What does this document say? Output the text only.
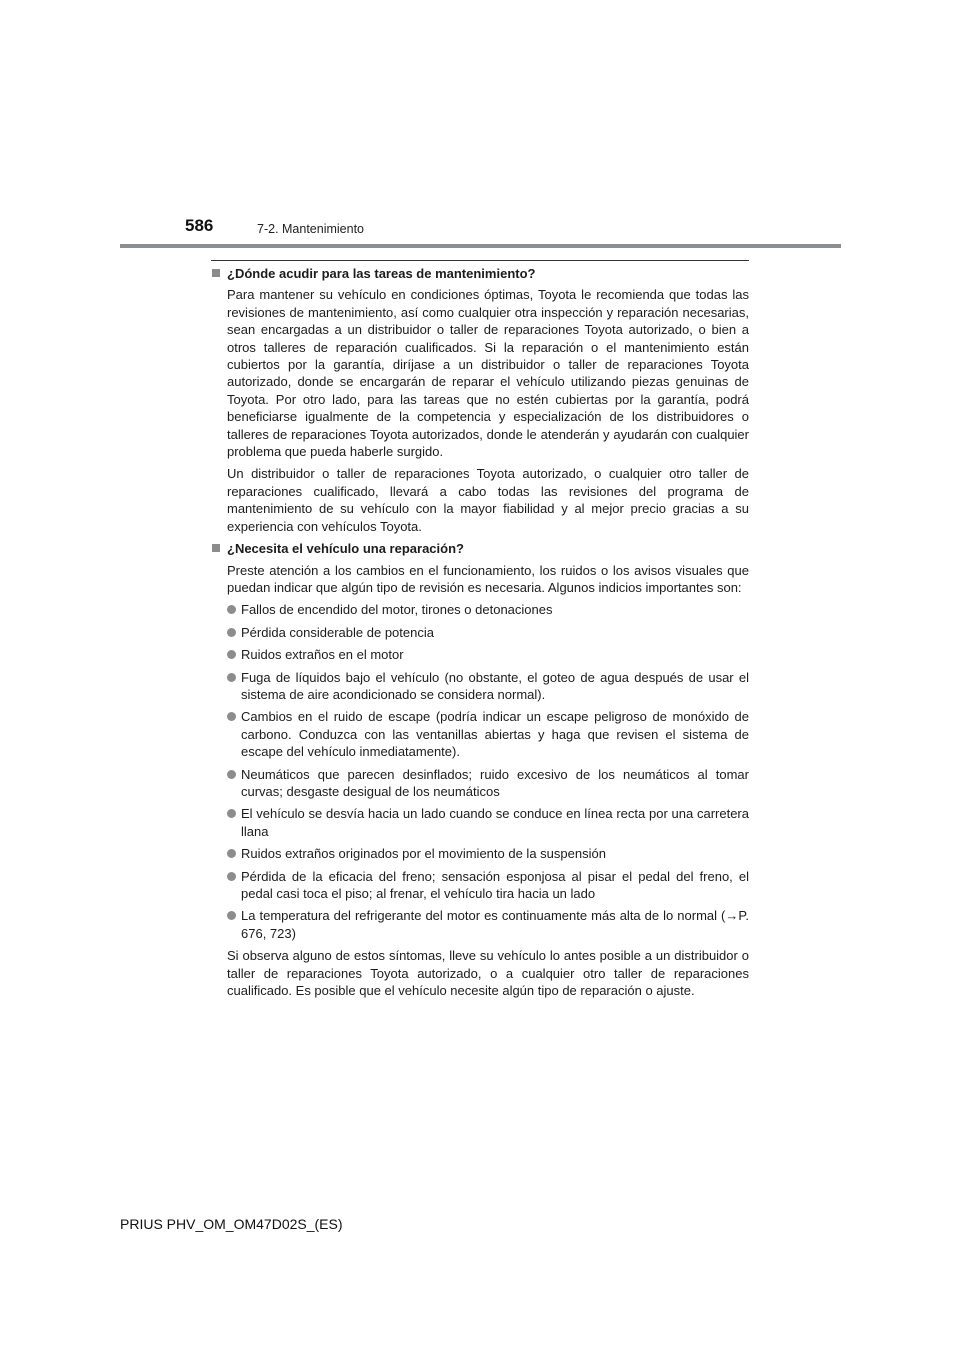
586	7-2. Mantenimiento
¿Dónde acudir para las tareas de mantenimiento?

Para mantener su vehículo en condiciones óptimas, Toyota le recomienda que todas las revisiones de mantenimiento, así como cualquier otra inspección y reparación necesarias, sean encargadas a un distribuidor o taller de reparaciones Toyota autorizado, o bien a otros talleres de reparación cualificados. Si la reparación o el mantenimiento están cubiertos por la garantía, diríjase a un distribuidor o taller de reparaciones Toyota autorizado, donde se encargarán de reparar el vehículo utilizando piezas genuinas de Toyota. Por otro lado, para las tareas que no estén cubiertas por la garantía, podrá beneficiarse igualmente de la competencia y especialización de los distribuidores o talleres de reparaciones Toyota autorizados, donde le atenderán y ayudarán con cualquier problema que pueda haberle surgido.

Un distribuidor o taller de reparaciones Toyota autorizado, o cualquier otro taller de reparaciones cualificado, llevará a cabo todas las revisiones del programa de mantenimiento de su vehículo con la mayor fiabilidad y al mejor precio gracias a su experiencia con vehículos Toyota.

¿Necesita el vehículo una reparación?

Preste atención a los cambios en el funcionamiento, los ruidos o los avisos visuales que puedan indicar que algún tipo de revisión es necesaria. Algunos indicios importantes son:

Fallos de encendido del motor, tirones o detonaciones
Pérdida considerable de potencia
Ruidos extraños en el motor
Fuga de líquidos bajo el vehículo (no obstante, el goteo de agua después de usar el sistema de aire acondicionado se considera normal).
Cambios en el ruido de escape (podría indicar un escape peligroso de monóxido de carbono. Conduzca con las ventanillas abiertas y haga que revisen el sistema de escape del vehículo inmediatamente).
Neumáticos que parecen desinflados; ruido excesivo de los neumáticos al tomar curvas; desgaste desigual de los neumáticos
El vehículo se desvía hacia un lado cuando se conduce en línea recta por una carretera llana
Ruidos extraños originados por el movimiento de la suspensión
Pérdida de la eficacia del freno; sensación esponjosa al pisar el pedal del freno, el pedal casi toca el piso; al frenar, el vehículo tira hacia un lado
La temperatura del refrigerante del motor es continuamente más alta de lo normal (→P. 676, 723)

Si observa alguno de estos síntomas, lleve su vehículo lo antes posible a un distribuidor o taller de reparaciones Toyota autorizado, o a cualquier otro taller de reparaciones cualificado. Es posible que el vehículo necesite algún tipo de reparación o ajuste.

PRIUS PHV_OM_OM47D02S_(ES)
